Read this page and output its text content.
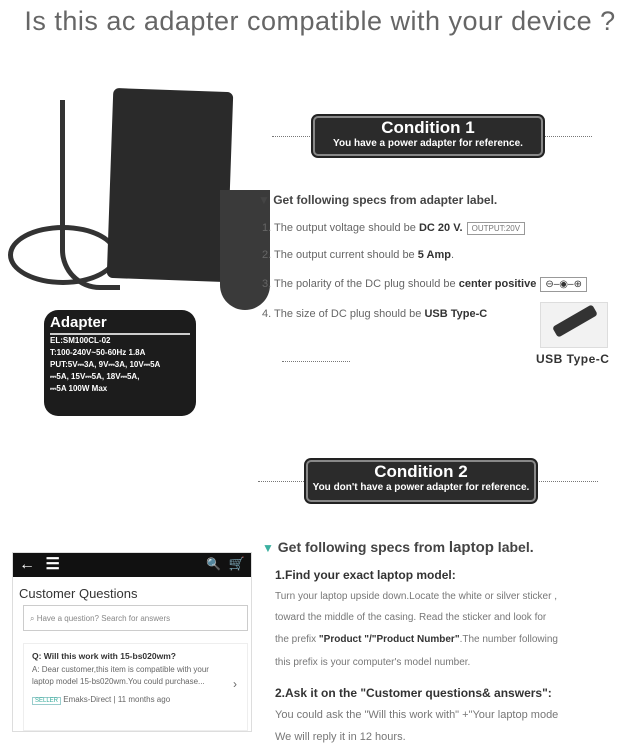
Is this ac adapter compatible with your device ?
Adapter
EL:SM100CL-02
T:100-240V~50-60Hz 1.8A
PUT:5V⎓3A, 9V⎓3A, 10V⎓5A
⎓5A, 15V⎓5A, 18V⎓5A,
⎓5A 100W Max
Condition 1
You have a power adapter for reference.
▼ Get following specs from adapter label.
1. The output voltage should be DC 20 V. OUTPUT:20V
2. The output current should be 5 Amp.
3. The polarity of the DC plug should be center positive ⊖–◉–⊕
4. The size of DC plug should be USB Type-C
USB Type-C
Condition 2
You don't have a power adapter for reference.
▼ Get following specs from laptop label.
1.Find your exact laptop model:
Turn your laptop upside down.Locate the white or silver sticker ,
toward the middle of the casing. Read the sticker and look for
the prefix "Product "/"Product Number".The number following
this prefix is your computer's model number.
2.Ask it on the "Customer questions& answers":
You could ask the "Will this work with" +"Your laptop mode
We will reply it in 12 hours.
← ☰	🔍 🛒
Customer Questions
⌕ Have a question? Search for answers
Q: Will this work with 15-bs020wm?
A: Dear customer,this item is compatible with your laptop model 15-bs020wm.You could purchase...
SELLER Emaks-Direct | 11 months ago
›
